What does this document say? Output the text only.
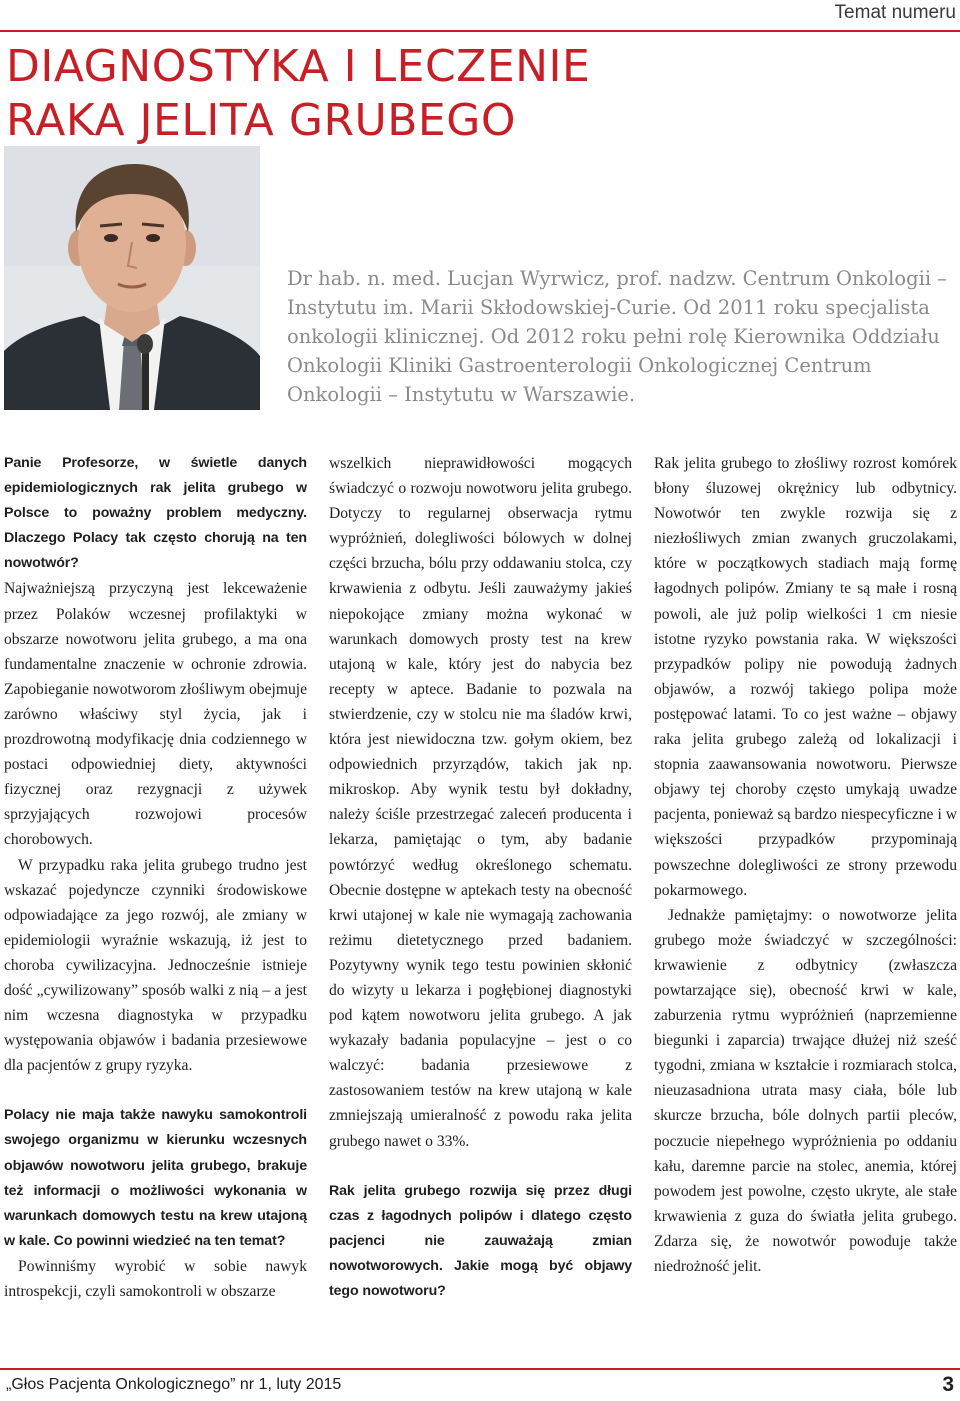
Temat numeru
DIAGNOSTYKA I LECZENIE
RAKA JELITA GRUBEGO

Dr hab. n. med. Lucjan Wyrwicz, prof. nadzw. Centrum Onkologii – Instytutu im. Marii Skłodowskiej-Curie. Od 2011 roku specjalista onkologii klinicznej. Od 2012 roku pełni rolę Kierownika Oddziału Onkologii Kliniki Gastroenterologii Onkologicznej Centrum Onkologii – Instytutu w Warszawie.

Panie Profesorze, w świetle danych epidemiologicznych rak jelita grubego w Polsce to poważny problem medyczny. Dlaczego Polacy tak często chorują na ten nowotwór?

Najważniejszą przyczyną jest lekceważenie przez Polaków wczesnej profilaktyki w obszarze nowotworu jelita grubego, a ma ona fundamentalne znaczenie w ochronie zdrowia. Zapobieganie nowotworom złośliwym obejmuje zarówno właściwy styl życia, jak i prozdrowotną modyfikację dnia codziennego w postaci odpowiedniej diety, aktywności fizycznej oraz rezygnacji z używek sprzyjających rozwojowi procesów chorobowych.

W przypadku raka jelita grubego trudno jest wskazać pojedyncze czynniki środowiskowe odpowiadające za jego rozwój, ale zmiany w epidemiologii wyraźnie wskazują, iż jest to choroba cywilizacyjna. Jednocześnie istnieje dość „cywilizowany” sposób walki z nią – a jest nim wczesna diagnostyka w przypadku występowania objawów i badania przesiewowe dla pacjentów z grupy ryzyka.

Polacy nie maja także nawyku samokontroli swojego organizmu w kierunku wczesnych objawów nowotworu jelita grubego, brakuje też informacji o możliwości wykonania w warunkach domowych testu na krew utajoną w kale. Co powinni wiedzieć na ten temat?

Powinniśmy wyrobić w sobie nawyk introspekcji, czyli samokontroli w obszarze

wszelkich nieprawidłowości mogących świadczyć o rozwoju nowotworu jelita grubego. Dotyczy to regularnej obserwacja rytmu wypróżnień, dolegliwości bólowych w dolnej części brzucha, bólu przy oddawaniu stolca, czy krwawienia z odbytu. Jeśli zauważymy jakieś niepokojące zmiany można wykonać w warunkach domowych prosty test na krew utajoną w kale, który jest do nabycia bez recepty w aptece. Badanie to pozwala na stwierdzenie, czy w stolcu nie ma śladów krwi, która jest niewidoczna tzw. gołym okiem, bez odpowiednich przyrządów, takich jak np. mikroskop. Aby wynik testu był dokładny, należy ściśle przestrzegać zaleceń producenta i lekarza, pamiętając o tym, aby badanie powtórzyć według określonego schematu. Obecnie dostępne w aptekach testy na obecność krwi utajonej w kale nie wymagają zachowania reżimu dietetycznego przed badaniem. Pozytywny wynik tego testu powinien skłonić do wizyty u lekarza i pogłębionej diagnostyki pod kątem nowotworu jelita grubego. A jak wykazały badania populacyjne – jest o co walczyć: badania przesiewowe z zastosowaniem testów na krew utajoną w kale zmniejszają umieralność z powodu raka jelita grubego nawet o 33%.

Rak jelita grubego rozwija się przez długi czas z łagodnych polipów i dlatego często pacjenci nie zauważają zmian nowotworowych. Jakie mogą być objawy tego nowotworu?

Rak jelita grubego to złośliwy rozrost komórek błony śluzowej okrężnicy lub odbytnicy. Nowotwór ten zwykle rozwija się z niezłośliwych zmian zwanych gruczolakami, które w początkowych stadiach mają formę łagodnych polipów. Zmiany te są małe i rosną powoli, ale już polip wielkości 1 cm niesie istotne ryzyko powstania raka. W większości przypadków polipy nie powodują żadnych objawów, a rozwój takiego polipa może postępować latami. To co jest ważne – objawy raka jelita grubego zależą od lokalizacji i stopnia zaawansowania nowotworu. Pierwsze objawy tej choroby często umykają uwadze pacjenta, ponieważ są bardzo niespecyficzne i w większości przypadków przypominają powszechne dolegliwości ze strony przewodu pokarmowego.

Jednakże pamiętajmy: o nowotworze jelita grubego może świadczyć w szczególności: krwawienie z odbytnicy (zwłaszcza powtarzające się), obecność krwi w kale, zaburzenia rytmu wypróżnień (naprzemienne biegunki i zaparcia) trwające dłużej niż sześć tygodni, zmiana w kształcie i rozmiarach stolca, nieuzasadniona utrata masy ciała, bóle lub skurcze brzucha, bóle dolnych partii pleców, poczucie niepełnego wypróżnienia po oddaniu kału, daremne parcie na stolec, anemia, której powodem jest powolne, często ukryte, ale stałe krwawienia z guza do światła jelita grubego. Zdarza się, że nowotwór powoduje także niedrożność jelit.

„Głos Pacjenta Onkologicznego” nr 1, luty 2015	3
